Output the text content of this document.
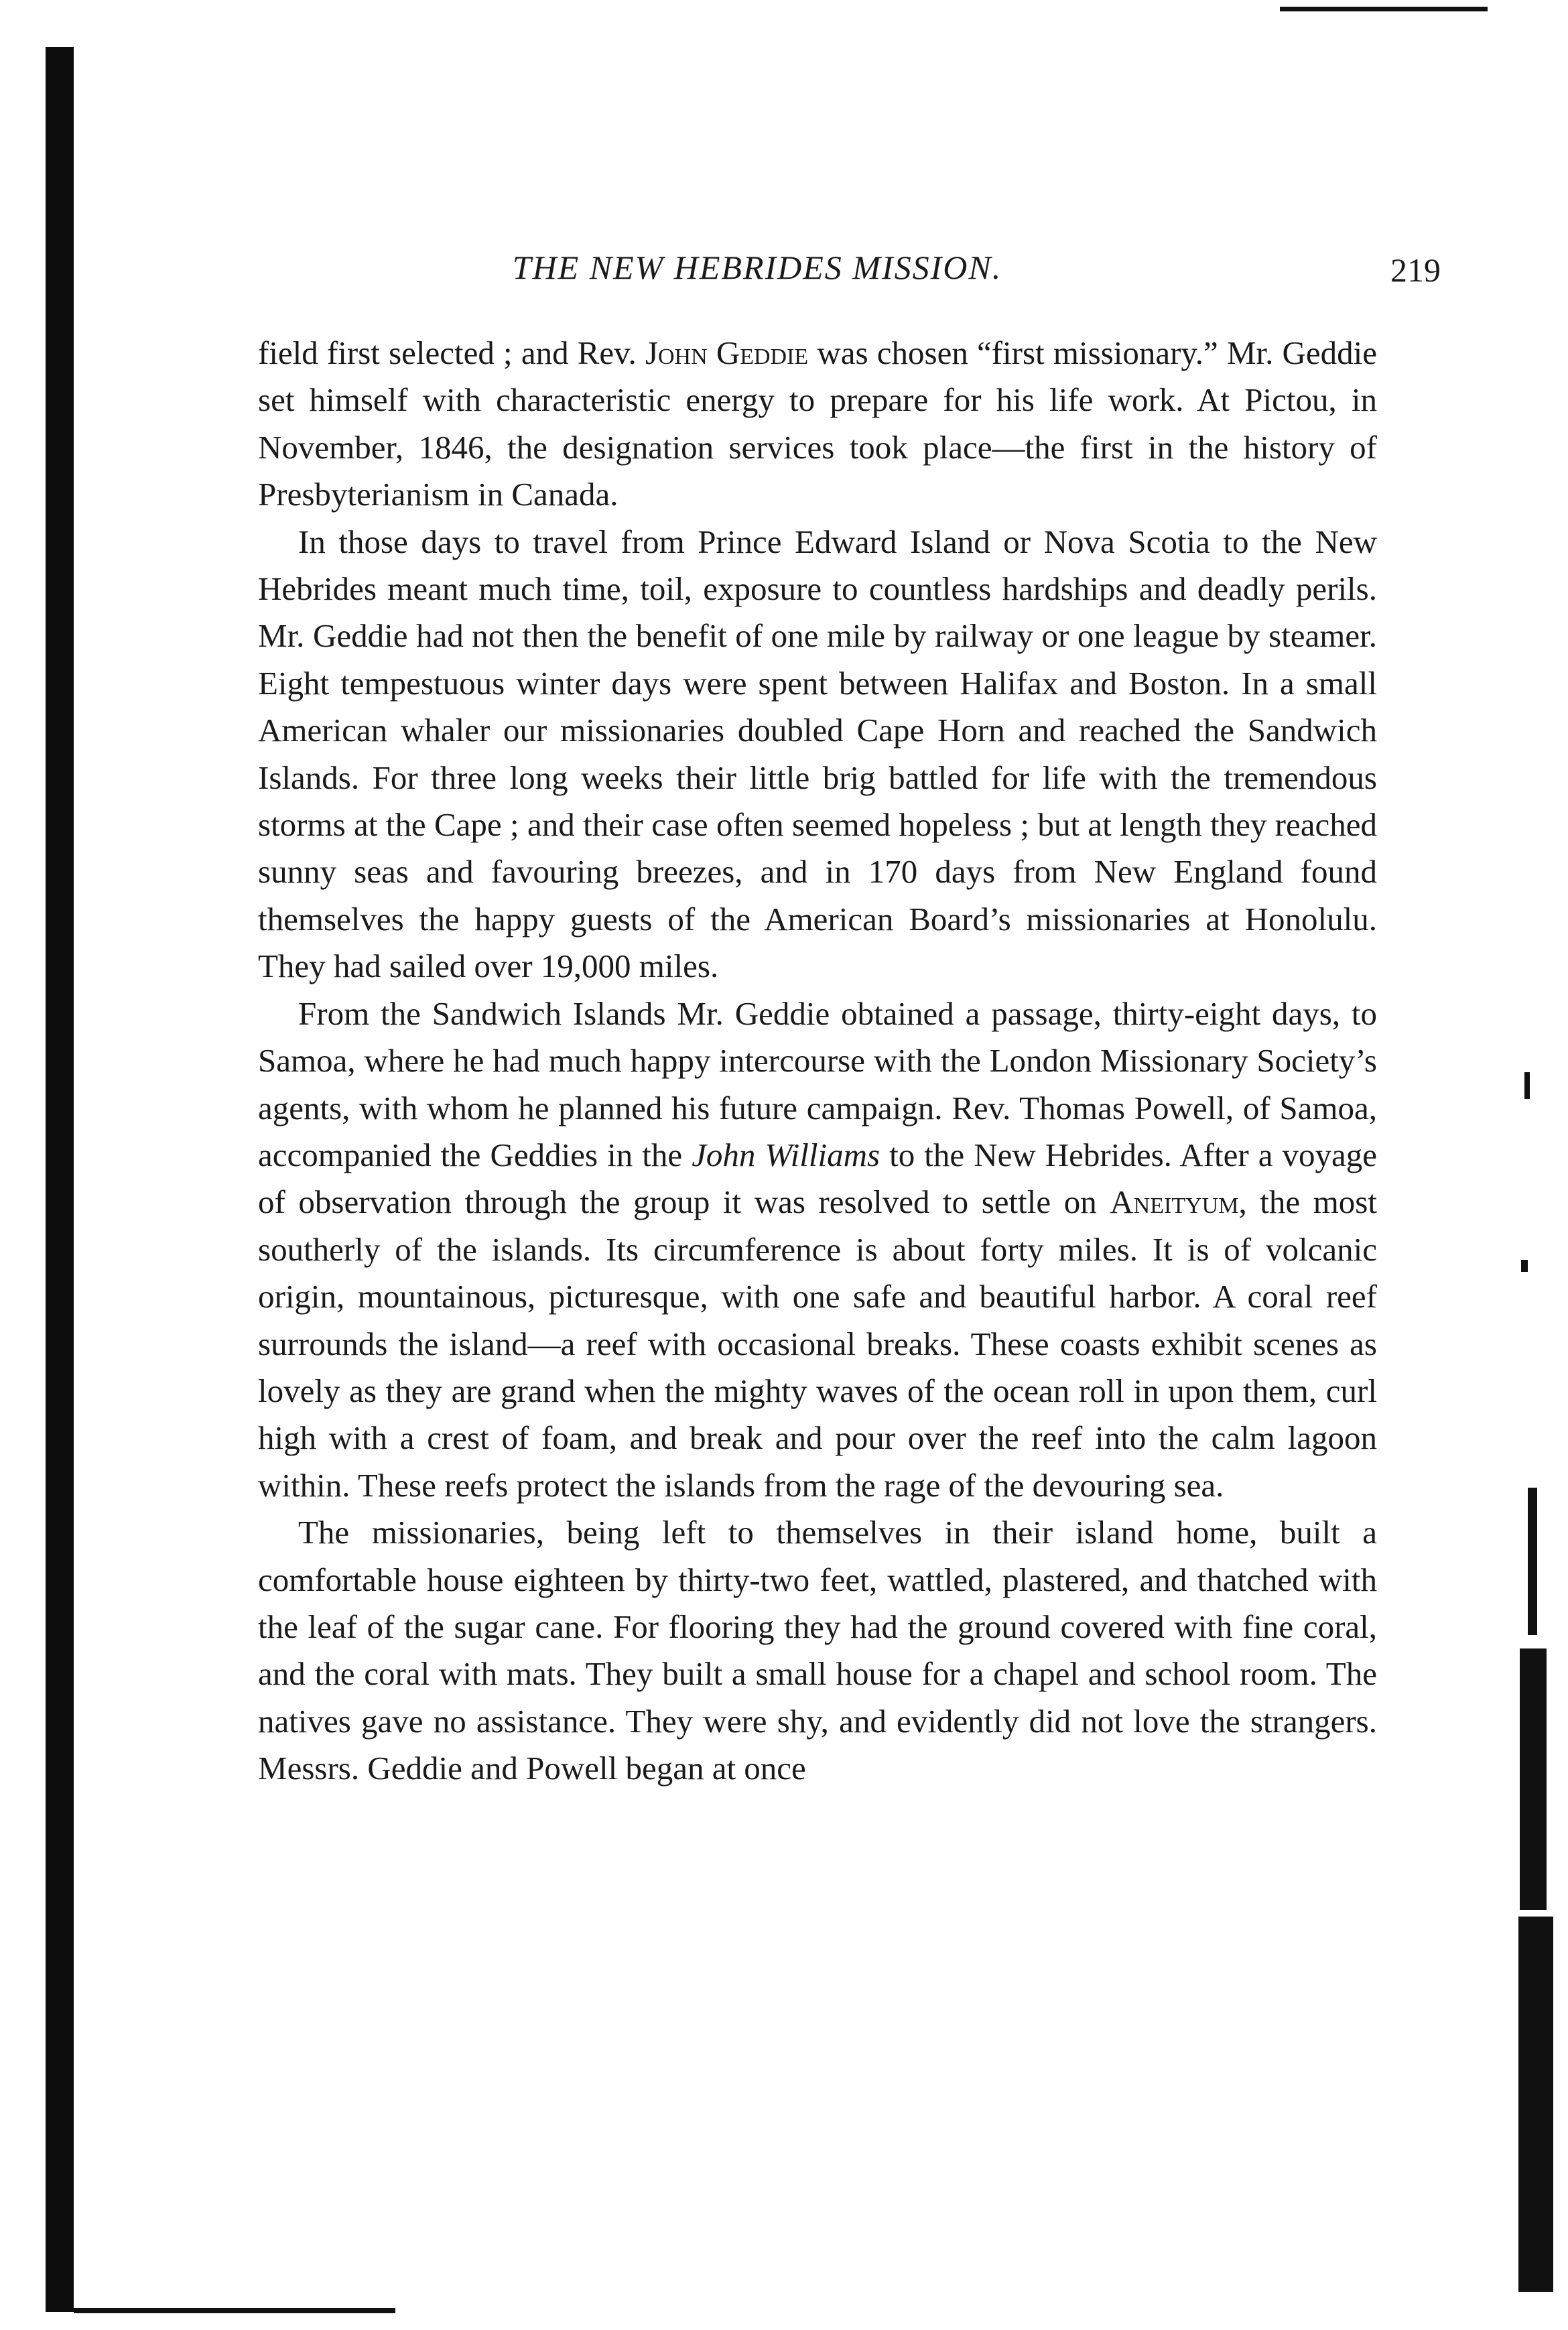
THE NEW HEBRIDES MISSION.	219

field first selected ; and Rev. John Geddie was chosen “first missionary.” Mr. Geddie set himself with characteristic energy to prepare for his life work. At Pictou, in November, 1846, the designation services took place—the first in the history of Presbyterianism in Canada.

In those days to travel from Prince Edward Island or Nova Scotia to the New Hebrides meant much time, toil, exposure to countless hardships and deadly perils. Mr. Geddie had not then the benefit of one mile by railway or one league by steamer. Eight tempestuous winter days were spent between Halifax and Boston. In a small American whaler our missionaries doubled Cape Horn and reached the Sandwich Islands. For three long weeks their little brig battled for life with the tremendous storms at the Cape ; and their case often seemed hopeless ; but at length they reached sunny seas and favouring breezes, and in 170 days from New England found themselves the happy guests of the American Board’s missionaries at Honolulu. They had sailed over 19,000 miles.

From the Sandwich Islands Mr. Geddie obtained a passage, thirty-eight days, to Samoa, where he had much happy intercourse with the London Missionary Society’s agents, with whom he planned his future campaign. Rev. Thomas Powell, of Samoa, accompanied the Geddies in the John Williams to the New Hebrides. After a voyage of observation through the group it was resolved to settle on Aneityum, the most southerly of the islands. Its circumference is about forty miles. It is of volcanic origin, mountainous, picturesque, with one safe and beautiful harbor. A coral reef surrounds the island—a reef with occasional breaks. These coasts exhibit scenes as lovely as they are grand when the mighty waves of the ocean roll in upon them, curl high with a crest of foam, and break and pour over the reef into the calm lagoon within. These reefs protect the islands from the rage of the devouring sea.

The missionaries, being left to themselves in their island home, built a comfortable house eighteen by thirty-two feet, wattled, plastered, and thatched with the leaf of the sugar cane. For flooring they had the ground covered with fine coral, and the coral with mats. They built a small house for a chapel and school room. The natives gave no assistance. They were shy, and evidently did not love the strangers. Messrs. Geddie and Powell began at once
